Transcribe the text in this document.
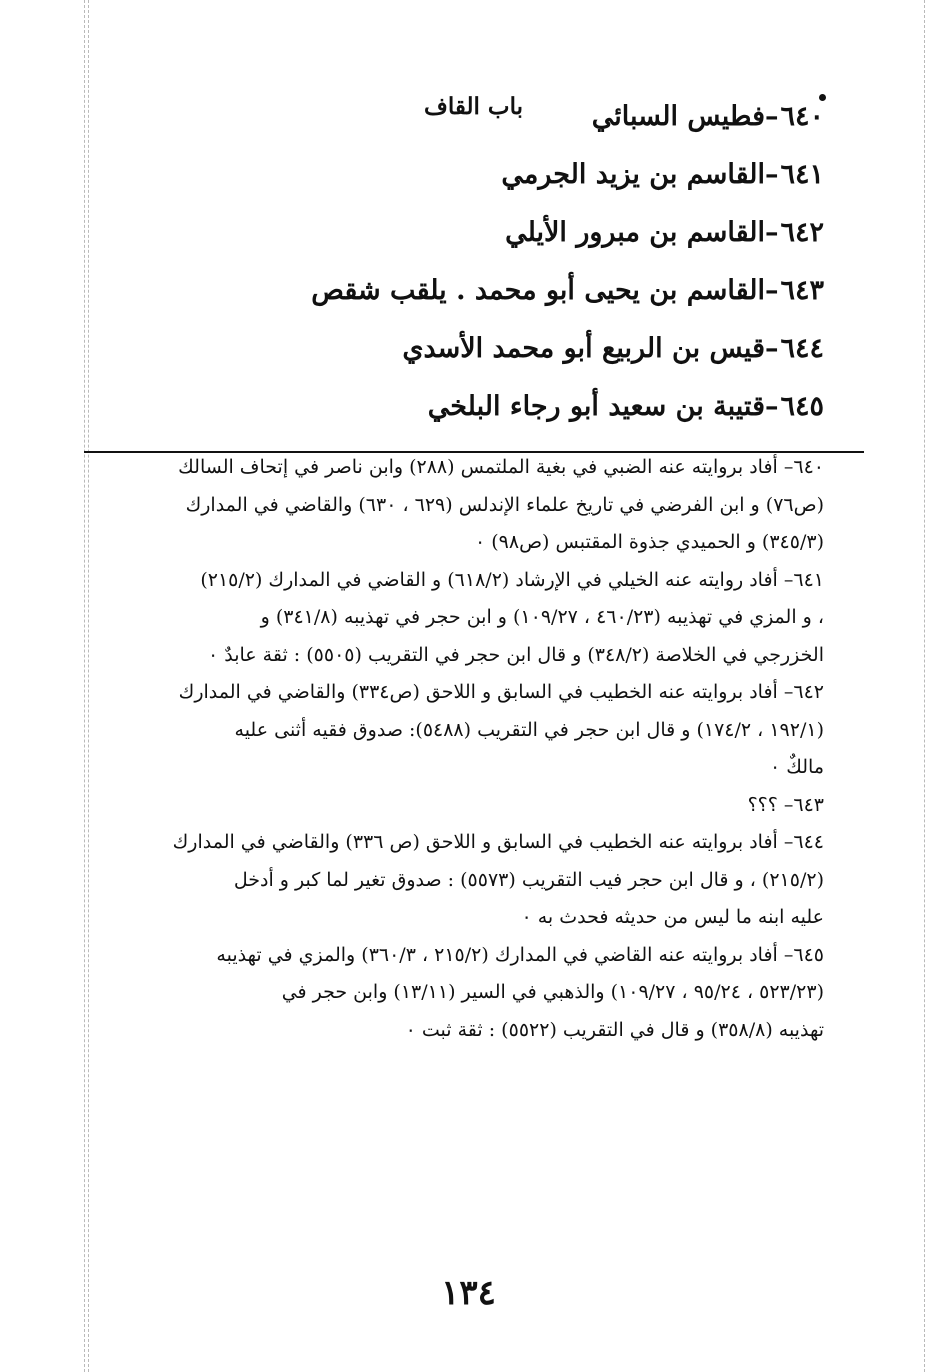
باب القاف	٦٤٠–فطيس السبائي
٦٤١–القاسم بن يزيد الجرمي
٦٤٢–القاسم بن مبرور الأيلي
٦٤٣–القاسم بن يحيى أبو محمد . يلقب شقص
٦٤٤–قيس بن الربيع أبو محمد الأسدي
٦٤٥–قتيبة بن سعيد أبو رجاء البلخي
٦٤٠– أفاد بروايته عنه الضبي في بغية الملتمس (٢٨٨) وابن ناصر في إتحاف السالك
(ص٧٦) و ابن الفرضي في تاريخ علماء الإندلس (٦٢٩ ، ٦٣٠) والقاضي في المدارك
(٣٤٥/٣) و الحميدي جذوة المقتبس (ص٩٨) ٠
٦٤١– أفاد روايته عنه الخيلي في الإرشاد (٦١٨/٢) و القاضي في المدارك (٢١٥/٢)
، و المزي في تهذيبه (٤٦٠/٢٣ ، ١٠٩/٢٧) و ابن حجر في تهذيبه (٣٤١/٨) و
الخزرجي في الخلاصة (٣٤٨/٢) و قال ابن حجر في التقريب (٥٥٠٥) : ثقة عابدٌ ٠
٦٤٢– أفاد بروايته عنه الخطيب في السابق و اللاحق (ص٣٣٤) والقاضي في المدارك
(١٩٢/١ ، ١٧٤/٢) و قال ابن حجر في التقريب (٥٤٨٨): صدوق فقيه أثنى عليه
مالكٌ ٠
٦٤٣– ؟؟؟
٦٤٤– أفاد بروايته عنه الخطيب في السابق و اللاحق (ص ٣٣٦) والقاضي في المدارك
(٢١٥/٢) ، و قال ابن حجر فيب التقريب (٥٥٧٣) : صدوق تغير لما كبر و أدخل
عليه ابنه ما ليس من حديثه فحدث به ٠
٦٤٥– أفاد بروايته عنه القاضي في المدارك (٢١٥/٢ ، ٣٦٠/٣) والمزي في تهذيبه
(٥٢٣/٢٣ ، ٩٥/٢٤ ، ١٠٩/٢٧) والذهبي في السير (١٣/١١) وابن حجر في
تهذيبه (٣٥٨/٨) و قال في التقريب (٥٥٢٢) : ثقة ثبت ٠
١٣٤
